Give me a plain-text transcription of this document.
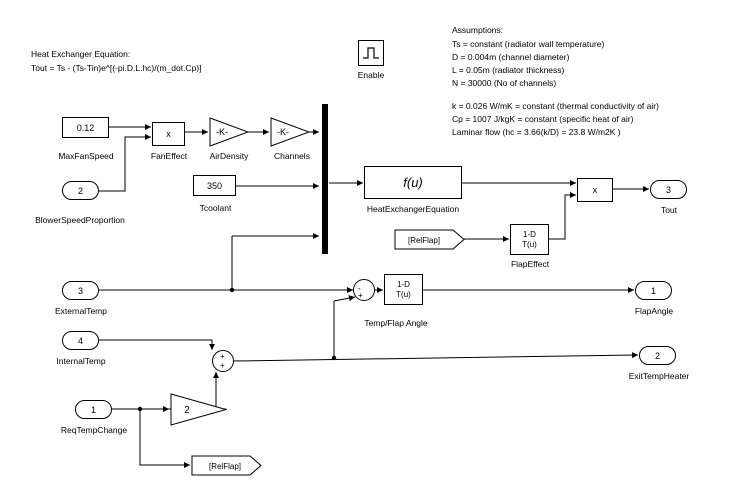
Heat Exchanger Equation:
Tout = Ts - (Ts-Tin)e^[(-pi.D.L.hc)/(m_dot.Cp)]
Assumptions:
Ts = constant (radiator wall temperature)
D = 0.004m (channel diameter)
L = 0.05m (radiator thickness)
N = 30000 (No of channels)
k = 0.026 W/mK = constant (thermal conductivity of air)
Cp = 1007 J/kgK = constant (specific heat of air)
Laminar flow (hc = 3.66(k/D) = 23.8 W/m2K )
Enable
0.12
MaxFanSpeed
2
BlowerSpeedProportion
x
FanEffect
-K-
AirDensity
-K-
Channels
350
Tcoolant
f(u)
HeatExchangerEquation
x	3
Tout
[RelFlap]
1-D
T(u)
FlapEffect
3
ExternalTemp
4
InternalTemp
1
ReqTempChange
2
[RelFlap]
-
+
Temp/Flap Angle
1-D
T(u)	1
FlapAngle
+
+
2
ExitTempHeater
